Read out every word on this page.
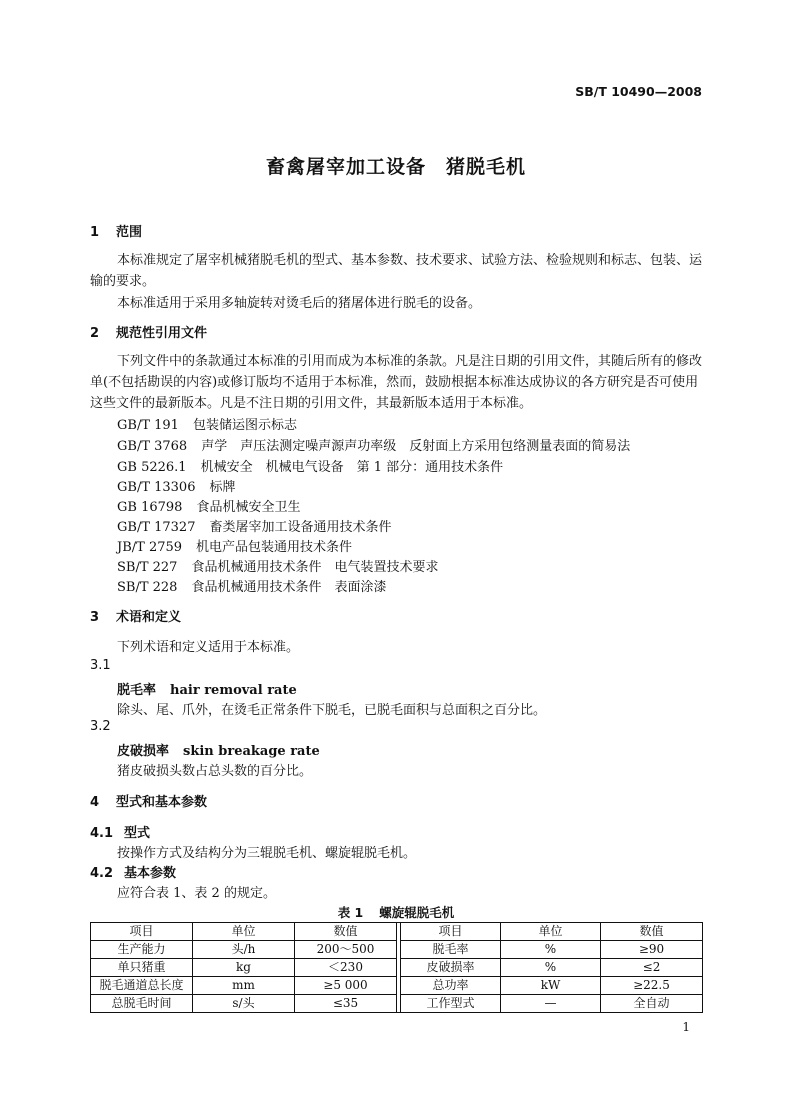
SB/T 10490—2008
畜禽屠宰加工设备　猪脱毛机
1 范围
本标准规定了屠宰机械猪脱毛机的型式、基本参数、技术要求、试验方法、检验规则和标志、包装、运输的要求。
本标准适用于采用多轴旋转对烫毛后的猪屠体进行脱毛的设备。
2 规范性引用文件
下列文件中的条款通过本标准的引用而成为本标准的条款。凡是注日期的引用文件，其随后所有的修改单(不包括勘误的内容)或修订版均不适用于本标准，然而，鼓励根据本标准达成协议的各方研究是否可使用这些文件的最新版本。凡是不注日期的引用文件，其最新版本适用于本标准。
GB/T 191 包装储运图示标志
GB/T 3768 声学　声压法测定噪声源声功率级　反射面上方采用包络测量表面的简易法
GB 5226.1 机械安全　机械电气设备　第 1 部分：通用技术条件
GB/T 13306 标牌
GB 16798 食品机械安全卫生
GB/T 17327 畜类屠宰加工设备通用技术条件
JB/T 2759 机电产品包装通用技术条件
SB/T 227 食品机械通用技术条件　电气装置技术要求
SB/T 228 食品机械通用技术条件　表面涂漆
3 术语和定义
下列术语和定义适用于本标准。
3.1
脱毛率 hair removal rate
除头、尾、爪外，在烫毛正常条件下脱毛，已脱毛面积与总面积之百分比。
3.2
皮破损率 skin breakage rate
猪皮破损头数占总头数的百分比。
4 型式和基本参数
4.1 型式
按操作方式及结构分为三辊脱毛机、螺旋辊脱毛机。
4.2 基本参数
应符合表 1、表 2 的规定。
表 1 螺旋辊脱毛机
项目	单位	数值		项目	单位	数值
生产能力	头/h	200～500		脱毛率	%	≥90
单只猪重	kg	＜230		皮破损率	%	≤2
脱毛通道总长度	mm	≥5 000		总功率	kW	≥22.5
总脱毛时间	s/头	≤35		工作型式	—	全自动
1
